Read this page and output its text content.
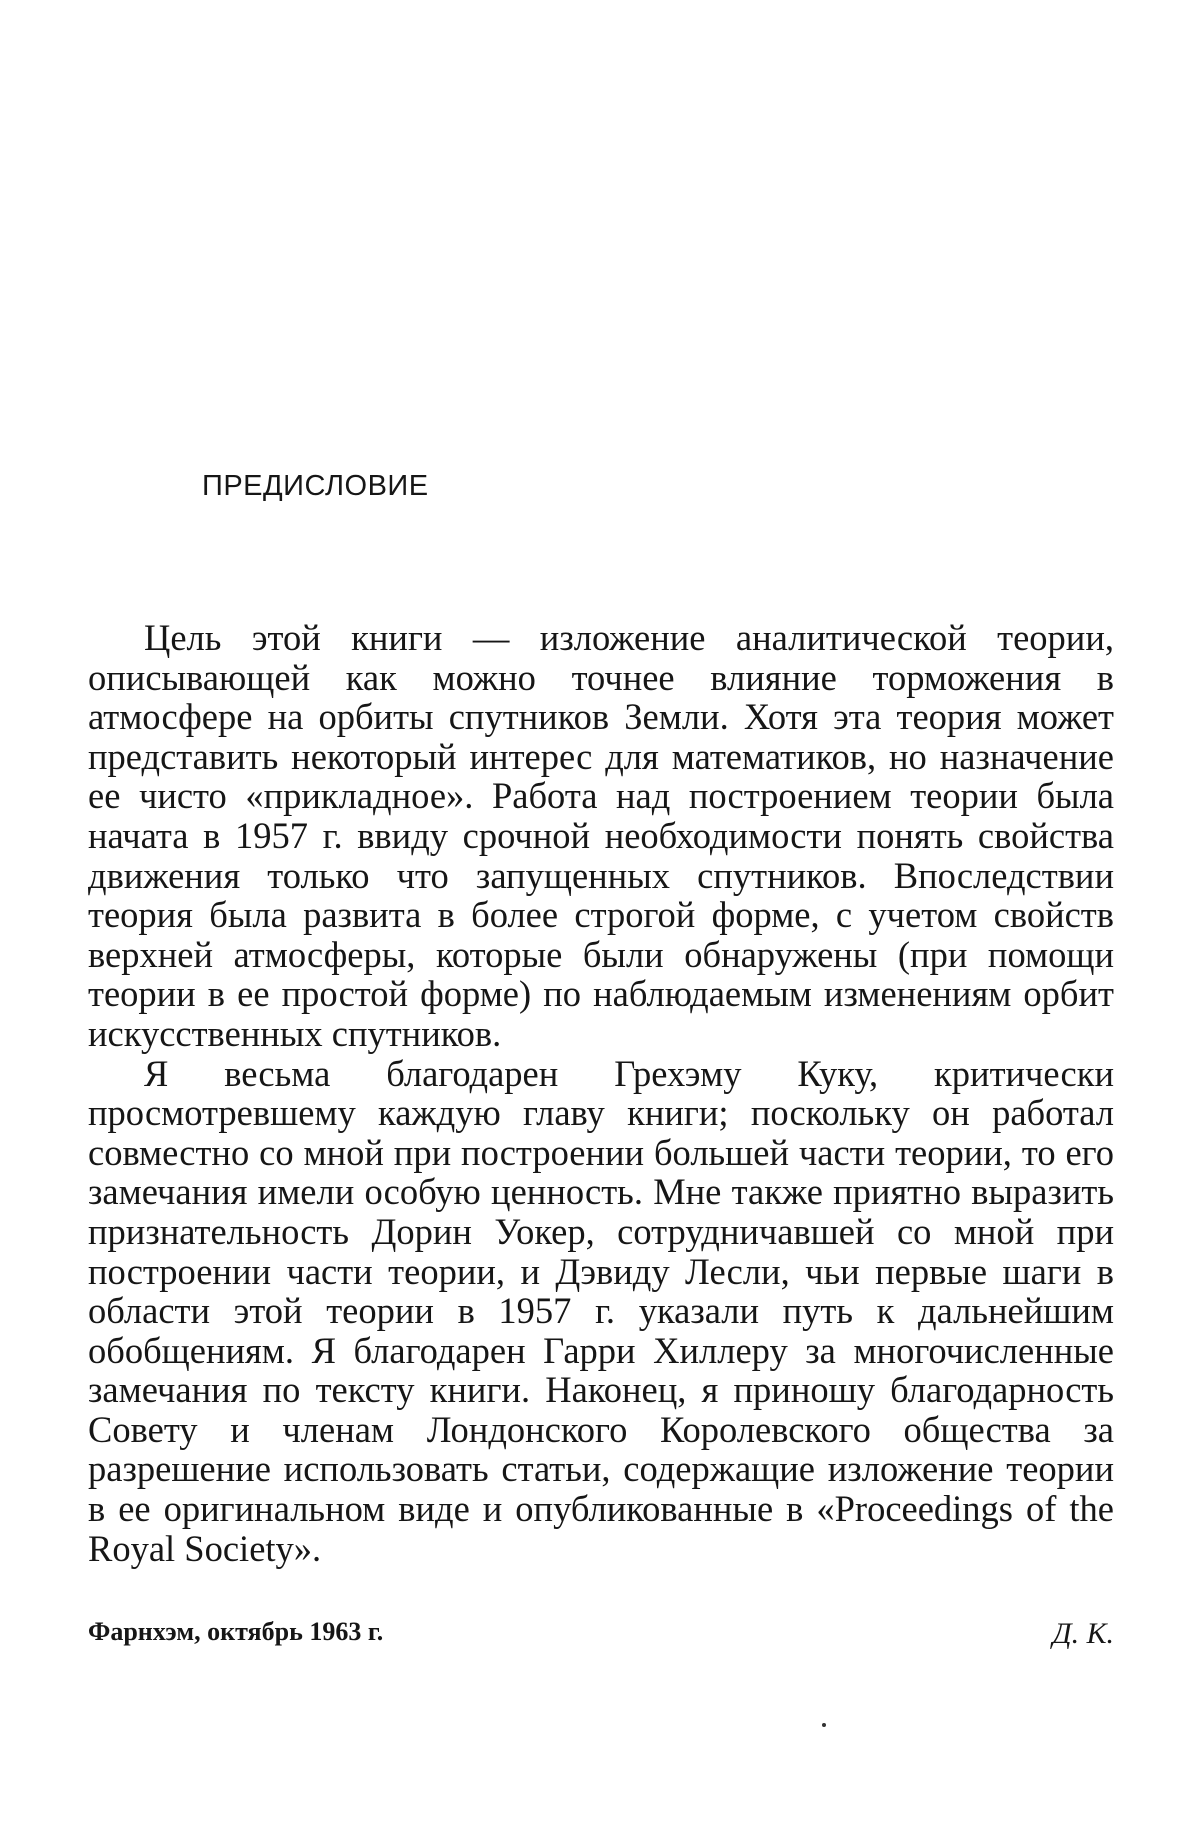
ПРЕДИСЛОВИЕ

Цель этой книги — изложение аналитической теории, описывающей как можно точнее влияние торможения в атмосфере на орбиты спутников Земли. Хотя эта теория может представить некоторый интерес для математиков, но назначение ее чисто «прикладное». Работа над построением теории была начата в 1957 г. ввиду срочной необходимости понять свойства движения только что запущенных спутников. Впоследствии теория была развита в более строгой форме, с учетом свойств верхней атмосферы, которые были обнаружены (при помощи теории в ее простой форме) по наблюдаемым изменениям орбит искусственных спутников.

Я весьма благодарен Грехэму Куку, критически просмотревшему каждую главу книги; поскольку он работал совместно со мной при построении большей части теории, то его замечания имели особую ценность. Мне также приятно выразить признательность Дорин Уокер, сотрудничавшей со мной при построении части теории, и Дэвиду Лесли, чьи первые шаги в области этой теории в 1957 г. указали путь к дальнейшим обобщениям. Я благодарен Гарри Хиллеру за многочисленные замечания по тексту книги. Наконец, я приношу благодарность Совету и членам Лондонского Королевского общества за разрешение использовать статьи, содержащие изложение теории в ее оригинальном виде и опубликованные в «Proceedings of the Royal Society».

Фарнхэм, октябрь 1963 г.	Д. К.
